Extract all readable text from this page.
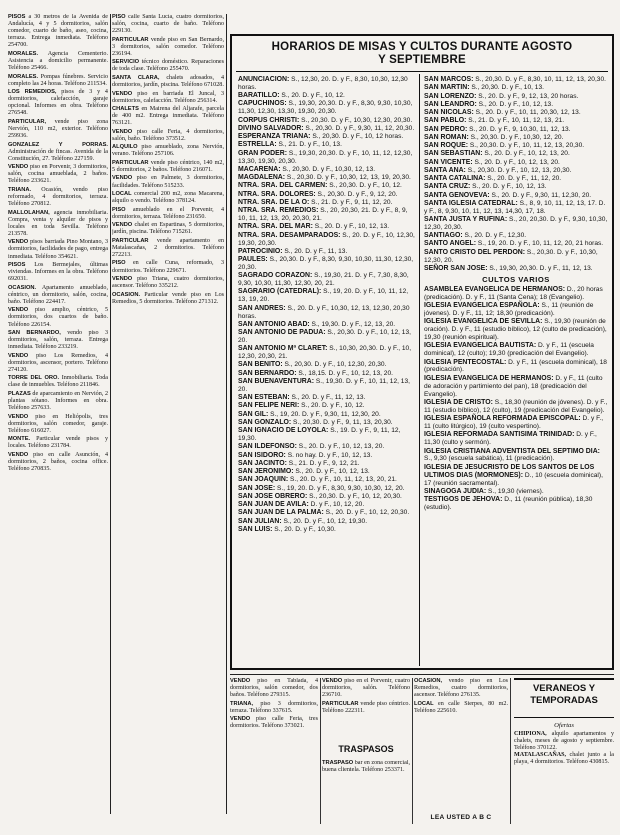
PISOS a 30 metros de la Avenida de Andalucía, 4 y 5 dormitorios, salón comedor, cuarto de baño, aseo, cocina, terraza. Entrega inmediata. Teléfono 254700.

MORALES. Agencia Cementerio. Asistencia a domicilio permanente. Teléfono 25466.

MORALES. Pompas fúnebres. Servicio completo las 24 horas. Teléfono 211534.

LOS REMEDIOS, pisos de 3 y 4 dormitorios, calefacción, garaje opcional. Informes en obra. Teléfono 276548.

PARTICULAR, vende piso zona Nervión, 110 m2, exterior. Teléfono 259936.

GONZALEZ Y PORRAS. Administración de fincas. Avenida de la Constitución, 27. Teléfono 227159.

VENDO piso en Porvenir, 3 dormitorios, salón, cocina amueblada, 2 baños. Teléfono 233621.

TRIANA. Ocasión, vendo piso reformado, 4 dormitorios, terraza. Teléfono 270812.

MALLOLAHAN, agencia inmobiliaria. Compra, venta y alquiler de pisos y locales en toda Sevilla. Teléfono 213578.

VENDO pisos barriada Pino Montano, 3 dormitorios, facilidades de pago, entrega inmediata. Teléfono 354621.

PISOS Los Bermejales, últimas viviendas. Informes en la obra. Teléfono 692031.

OCASION. Apartamento amueblado, céntrico, un dormitorio, salón, cocina, baño. Teléfono 224417.

VENDO piso amplio, céntrico, 5 dormitorios, dos cuartos de baño. Teléfono 226154.

SAN BERNARDO, vendo piso 3 dormitorios, salón, terraza. Entrega inmediata. Teléfono 233219.

VENDO piso Los Remedios, 4 dormitorios, ascensor, portero. Teléfono 274120.

TORRE DEL ORO. Inmobiliaria. Toda clase de inmuebles. Teléfono 211846.

PLAZAS de aparcamiento en Nervión, 2 plantas sótano. Informes en obra. Teléfono 257633.

VENDO piso en Heliópolis, tres dormitorios, salón comedor, garaje. Teléfono 616027.

MONTE. Particular vende pisos y locales. Teléfono 231784.

VENDO piso en calle Asunción, 4 dormitorios, 2 baños, cocina office. Teléfono 270835.

PISO calle Santa Lucía, cuatro dormitorios, salón, cocina, cuarto de baño. Teléfono 229130.

PARTICULAR vende piso en San Bernardo, 3 dormitorios, salón comedor. Teléfono 236194.

SERVICIO técnico doméstico. Reparaciones de toda clase. Teléfono 255470.

SANTA CLARA, chalets adosados, 4 dormitorios, jardín, piscina. Teléfono 671028.

VENDO piso en barriada El Juncal, 3 dormitorios, calefacción. Teléfono 256314.

CHALETS en Mairena del Aljarafe, parcela de 400 m2. Entrega inmediata. Teléfono 763121.

VENDO piso calle Feria, 4 dormitorios, salón, baño. Teléfono 373512.

ALQUILO piso amueblado, zona Nervión, verano. Teléfono 257106.

PARTICULAR vende piso céntrico, 140 m2, 5 dormitorios, 2 baños. Teléfono 216071.

VENDO piso en Palmete, 3 dormitorios, facilidades. Teléfono 515233.

LOCAL comercial 200 m2, zona Macarena, alquilo o vendo. Teléfono 378124.

PISO amueblado en el Porvenir, 4 dormitorios, terraza. Teléfono 231650.

VENDO chalet en Espartinas, 5 dormitorios, jardín, piscina. Teléfono 715261.

PARTICULAR vende apartamento en Matalascañas, 2 dormitorios. Teléfono 272213.

PISO en calle Cuna, reformado, 3 dormitorios. Teléfono 229671.

VENDO piso Triana, cuatro dormitorios, ascensor. Teléfono 335212.

OCASION. Particular vende piso en Los Remedios, 5 dormitorios. Teléfono 271312.

HORARIOS DE MISAS Y CULTOS DURANTE AGOSTO
Y SEPTIEMBRE
ANUNCIACION: S., 12,30, 20. D. y F., 8,30, 10,30, 12,30 horas.
BARATILLO: S., 20. D. y F., 10, 12.
CAPUCHINOS: S., 19,30, 20,30. D. y F., 8,30, 9,30, 10,30, 11,30, 12,30, 13,30, 19,30, 20,30.
CORPUS CHRISTI: S., 20,30. D. y F., 10,30, 12,30, 20,30.
DIVINO SALVADOR: S., 20,30. D. y F., 9,30, 11, 12, 20,30.
ESPERANZA TRIANA: S., 20,30. D. y F., 10, 12 horas.
ESTRELLA: S., 21. D. y F., 10, 13.
GRAN PODER: S., 19,30, 20,30. D. y F., 10, 11, 12, 12,30, 13,30, 19,30, 20,30.
MACARENA: S., 20,30. D. y F., 10,30, 12, 13.
MAGDALENA: S., 20,30. D. y F., 10,30, 12, 13, 19, 20,30.
NTRA. SRA. DEL CARMEN: S., 20,30. D. y F., 10, 12.
NTRA. SRA. DOLORES: S., 20,30. D. y F., 9, 12, 20.
NTRA. SRA. DE LA O: S., 21. D. y F., 9, 11, 12, 20.
NTRA. SRA. REMEDIOS: S., 20, 20,30, 21. D. y F., 8, 9, 10, 11, 12, 13, 20, 20,30, 21.
NTRA. SRA. DEL MAR: S., 20. D. y F., 10, 12, 13.
NTRA. SRA. DESAMPARADOS: S., 20. D. y F., 10, 12,30, 19,30, 20,30.
PATROCINIO: S., 20. D. y F., 11, 13.
PAULES: S., 20,30. D. y F., 8,30, 9,30, 10,30, 11,30, 12,30, 20,30.
SAGRADO CORAZON: S., 19,30, 21. D. y F., 7,30, 8,30, 9,30, 10,30, 11,30, 12,30, 20, 21.
SAGRARIO (CATEDRAL): S., 19, 20. D. y F., 10, 11, 12, 13, 19, 20.
SAN ANDRES: S., 20. D. y F., 10,30, 12, 13, 12,30, 20,30 horas.
SAN ANTONIO ABAD: S., 19,30. D. y F., 12, 13, 20.
SAN ANTONIO DE PADUA: S., 20,30. D. y F., 10, 12, 13, 20.
SAN ANTONIO Mª CLARET: S., 10,30, 20,30. D. y F., 10, 12,30, 20,30, 21.
SAN BENITO: S., 20,30. D. y F., 10, 12,30, 20,30.
SAN BERNARDO: S., 18,15. D. y F., 10, 12, 13, 20.
SAN BUENAVENTURA: S., 19,30. D. y F., 10, 11, 12, 13, 20.
SAN ESTEBAN: S., 20. D. y F., 11, 12, 13.
SAN FELIPE NERI: S., 20. D. y F., 10, 12.
SAN GIL: S., 19, 20. D. y F., 9,30, 11, 12,30, 20.
SAN GONZALO: S., 20,30. D. y F., 9, 11, 13, 20,30.
SAN IGNACIO DE LOYOLA: S., 19. D. y F., 9, 11, 12, 19,30.
SAN ILDEFONSO: S., 20. D. y F., 10, 12, 13, 20.
SAN ISIDORO: S. no hay. D. y F., 10, 12, 13.
SAN JACINTO: S., 21. D. y F., 9, 12, 21.
SAN JERONIMO: S., 20. D. y F., 10, 12, 13.
SAN JOAQUIN: S., 20. D. y F., 10, 11, 12, 13, 20, 21.
SAN JOSE: S., 19, 20. D. y F., 8,30, 9,30, 10,30, 12, 20.
SAN JOSE OBRERO: S., 20,30. D. y F., 10, 12, 20,30.
SAN JUAN DE AVILA: D. y F., 10, 12, 20.
SAN JUAN DE LA PALMA: S., 20. D. y F., 10, 12, 20,30.
SAN JULIAN: S., 20. D. y F., 10, 12, 19,30.
SAN LUIS: S., 20. D. y F., 10,30.
SAN MARCOS: S., 20,30. D. y F., 8,30, 10, 11, 12, 13, 20,30.
SAN MARTIN: S., 20,30. D. y F., 10, 13.
SAN LORENZO: S., 20. D. y F., 9, 12, 13, 20 horas.
SAN LEANDRO: S., 20. D. y F., 10, 12, 13.
SAN NICOLAS: S., 20. D. y F., 10, 11, 20,30, 12, 13.
SAN PABLO: S., 21. D. y F., 10, 11, 12, 13, 21.
SAN PEDRO: S., 20. D. y F., 9, 10,30, 11, 12, 13.
SAN ROMAN: S., 20,30. D. y F., 10,30, 12, 20.
SAN ROQUE: S., 20,30. D. y F., 10, 11, 12, 13, 20,30.
SAN SEBASTIAN: S., 20. D. y F., 10, 12, 13, 20.
SAN VICENTE: S., 20. D. y F., 10, 12, 13, 20.
SANTA ANA: S., 20,30. D. y F., 10, 12, 13, 20,30.
SANTA CATALINA: S., 20. D. y F., 11, 12, 20.
SANTA CRUZ: S., 20. D. y F., 10, 12, 13.
SANTA GENOVEVA: S., 20. D. y F., 9,30, 11, 12,30, 20.
SANTA IGLESIA CATEDRAL: S., 8, 9, 10, 11, 12, 13, 17. D. y F., 8, 9,30, 10, 11, 12, 13, 14,30, 17, 18.
SANTA JUSTA Y RUFINA: S., 20, 20,30. D. y F., 9,30, 10,30, 12,30, 20,30.
SANTIAGO: S., 20. D. y F., 12,30.
SANTO ANGEL: S., 19, 20. D. y F., 10, 11, 12, 20, 21 horas.
SANTO CRISTO DEL PERDON: S., 20,30. D. y F., 10,30, 12,30, 20.
SEÑOR SAN JOSE: S., 19,30, 20,30. D. y F., 11, 12, 13.
CULTOS VARIOS
ASAMBLEA EVANGELICA DE HERMANOS: D., 20 horas (predicación). D. y F., 11 (Santa Cena); 18 (Evangelio).
IGLESIA EVANGELICA ESPAÑOLA: S., 11 (reunión de jóvenes). D. y F., 11, 12; 18,30 (predicación).
IGLESIA EVANGELICA DE SEVILLA: S., 19,30 (reunión de oración). D. y F., 11 (estudio bíblico), 12 (culto de predicación), 19,30 (reunión espiritual).
IGLESIA EVANGELICA BAUTISTA: D. y F., 11 (escuela dominical), 12 (culto); 19,30 (predicación del Evangelio).
IGLESIA PENTECOSTAL: D. y F., 11 (escuela dominical), 18 (predicación).
IGLESIA EVANGELICA DE HERMANOS: D. y F., 11 (culto de adoración y partimiento del pan), 18 (predicación del Evangelio).
IGLESIA DE CRISTO: S., 18,30 (reunión de jóvenes). D. y F., 11 (estudio bíblico), 12 (culto), 19 (predicación del Evangelio).
IGLESIA ESPAÑOLA REFORMADA EPISCOPAL: D. y F., 11 (culto litúrgico), 19 (culto vespertino).
IGLESIA REFORMADA SANTISIMA TRINIDAD: D. y F., 11,30 (culto y sermón).
IGLESIA CRISTIANA ADVENTISTA DEL SEPTIMO DIA: S., 9,30 (escuela sabática), 11 (predicación).
IGLESIA DE JESUCRISTO DE LOS SANTOS DE LOS ULTIMOS DIAS (MORMONES): D., 10 (escuela dominical), 17 (reunión sacramental).
SINAGOGA JUDIA: S., 19,30 (viernes).
TESTIGOS DE JEHOVA: D., 11 (reunión pública), 18,30 (estudio).

VENDO piso en Tablada, 4 dormitorios, salón comedor, dos baños. Teléfono 279315.

TRIANA, piso 3 dormitorios, terraza. Teléfono 337615.

VENDO piso calle Feria, tres dormitorios. Teléfono 373021.

VENDO piso en el Porvenir, cuatro dormitorios, salón. Teléfono 236710.

PARTICULAR vende piso céntrico. Teléfono 222311.

TRASPASOS

TRASPASO bar en zona comercial, buena clientela. Teléfono 253371.

OCASION, vendo piso en Los Remedios, cuatro dormitorios, ascensor. Teléfono 276135.

LOCAL en calle Sierpes, 80 m2. Teléfono 225610.

LEA USTED A B C
VERANEOS Y
TEMPORADAS
Ofertas

CHIPIONA, alquilo apartamentos y chalets, meses de agosto y septiembre. Teléfono 370122.

MATALASCAÑAS, chalet junto a la playa, 4 dormitorios. Teléfono 430815.
